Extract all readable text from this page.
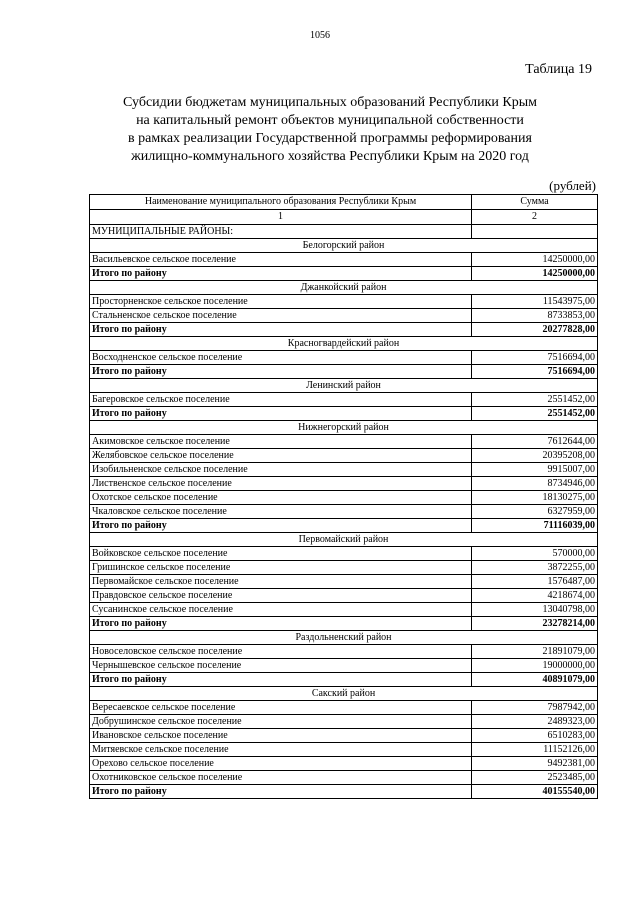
1056
Таблица 19
Субсидии бюджетам муниципальных образований Республики Крым
на капитальный ремонт объектов муниципальной собственности
в рамках реализации Государственной программы реформирования
жилищно-коммунального хозяйства Республики Крым на 2020 год
(рублей)
Наименование муниципального образования Республики Крым	Сумма
1	2
МУНИЦИПАЛЬНЫЕ РАЙОНЫ:	
Белогорский район	
Васильевское сельское поселение	14250000,00
Итого по району	14250000,00
Джанкойский район	
Просторненское сельское поселение	11543975,00
Стальненское сельское поселение	8733853,00
Итого по району	20277828,00
Красногвардейский район	
Восходненское сельское поселение	7516694,00
Итого по району	7516694,00
Ленинский район	
Багеровское сельское поселение	2551452,00
Итого по району	2551452,00
Нижнегорский район	
Акимовское сельское поселение	7612644,00
Желябовское сельское поселение	20395208,00
Изобильненское сельское поселение	9915007,00
Лиственское сельское поселение	8734946,00
Охотское сельское поселение	18130275,00
Чкаловское сельское поселение	6327959,00
Итого по району	71116039,00
Первомайский район	
Войковское сельское поселение	570000,00
Гришинское сельское поселение	3872255,00
Первомайское сельское поселение	1576487,00
Правдовское сельское поселение	4218674,00
Сусанинское сельское поселение	13040798,00
Итого по району	23278214,00
Раздольненский район	
Новоселовское сельское поселение	21891079,00
Чернышевское сельское поселение	19000000,00
Итого по району	40891079,00
Сакский район	
Вересаевское сельское поселение	7987942,00
Добрушинское сельское поселение	2489323,00
Ивановское сельское поселение	6510283,00
Митяевское сельское поселение	11152126,00
Орехово сельское поселение	9492381,00
Охотниковское сельское поселение	2523485,00
Итого по району	40155540,00
